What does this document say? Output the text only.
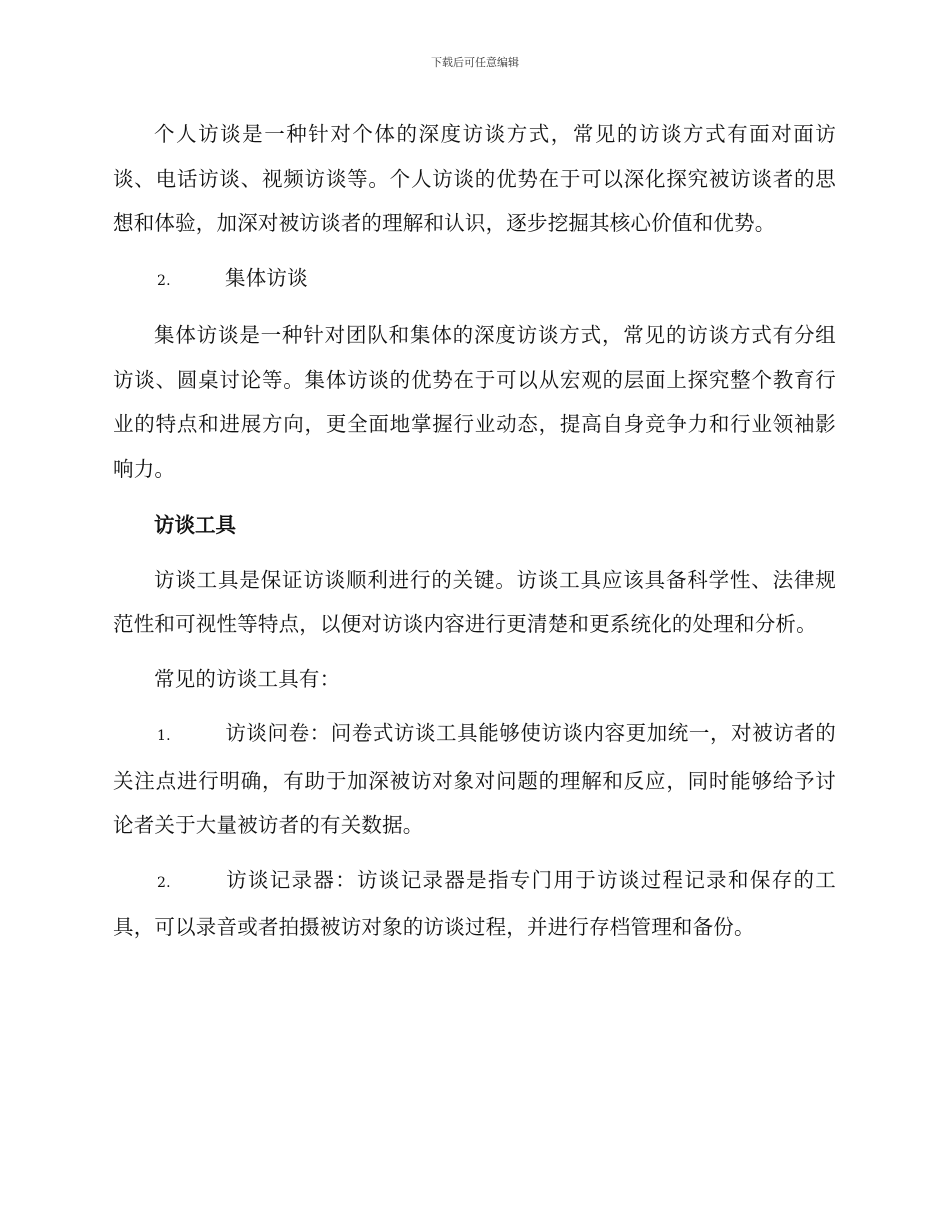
下载后可任意编辑

个人访谈是一种针对个体的深度访谈方式，常见的访谈方式有面对面访谈、电话访谈、视频访谈等。个人访谈的优势在于可以深化探究被访谈者的思想和体验，加深对被访谈者的理解和认识，逐步挖掘其核心价值和优势。

2.	集体访谈

集体访谈是一种针对团队和集体的深度访谈方式，常见的访谈方式有分组访谈、圆桌讨论等。集体访谈的优势在于可以从宏观的层面上探究整个教育行业的特点和进展方向，更全面地掌握行业动态，提高自身竞争力和行业领袖影响力。

访谈工具

访谈工具是保证访谈顺利进行的关键。访谈工具应该具备科学性、法律规范性和可视性等特点，以便对访谈内容进行更清楚和更系统化的处理和分析。

常见的访谈工具有：

1.	访谈问卷：问卷式访谈工具能够使访谈内容更加统一，对被访者的关注点进行明确，有助于加深被访对象对问题的理解和反应，同时能够给予讨论者关于大量被访者的有关数据。

2.	访谈记录器：访谈记录器是指专门用于访谈过程记录和保存的工具，可以录音或者拍摄被访对象的访谈过程，并进行存档管理和备份。
